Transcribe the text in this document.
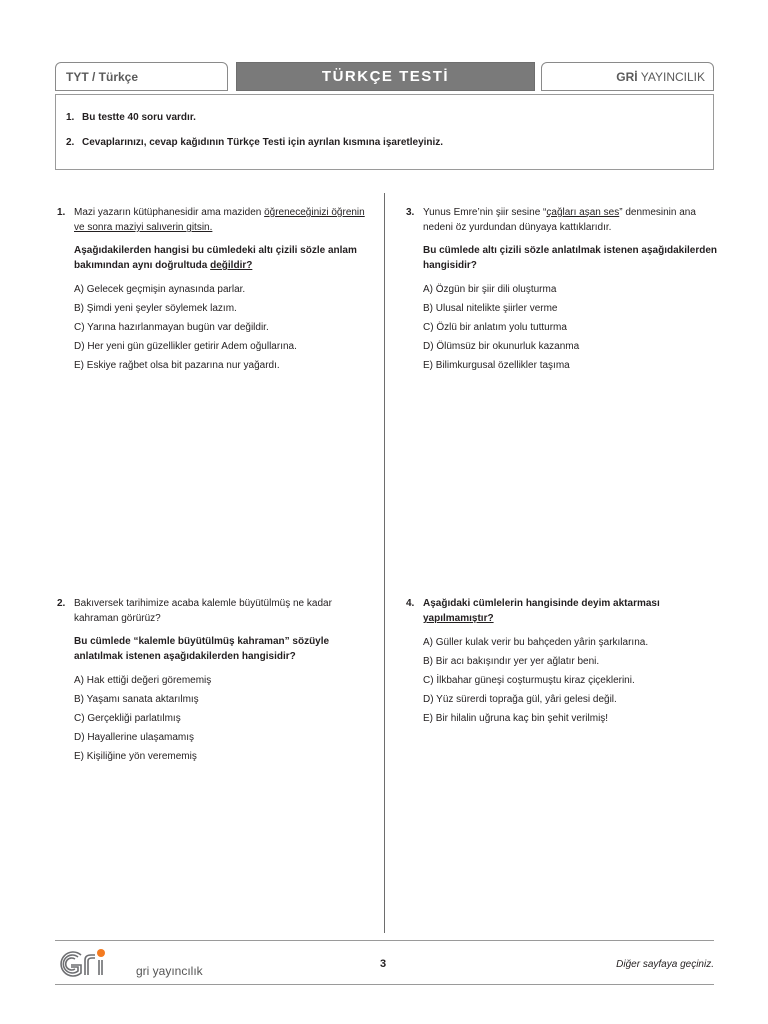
TYT / Türkçe	TÜRKÇE TESTİ	GRİ YAYINCILIK
1. Bu testte 40 soru vardır.
2. Cevaplarınızı, cevap kağıdının Türkçe Testi için ayrılan kısmına işaretleyiniz.
1. Mazi yazarın kütüphanesidir ama maziden öğreneceğinizi öğrenin ve sonra maziyi salıverin gitsin.

Aşağıdakilerden hangisi bu cümledeki altı çizili sözle anlam bakımından aynı doğrultuda değildir?

A) Gelecek geçmişin aynasında parlar.
B) Şimdi yeni şeyler söylemek lazım.
C) Yarına hazırlanmayan bugün var değildir.
D) Her yeni gün güzellikler getirir Adem oğullarına.
E) Eskiye rağbet olsa bit pazarına nur yağardı.
2. Bakıversek tarihimize acaba kalemle büyütülmüş ne kadar kahraman görürüz?

Bu cümlede “kalemle büyütülmüş kahraman” sözüyle anlatılmak istenen aşağıdakilerden hangisidir?

A) Hak ettiği değeri görememiş
B) Yaşamı sanata aktarılmış
C) Gerçekliği parlatılmış
D) Hayallerine ulaşamamış
E) Kişiliğine yön verememiş
3. Yunus Emre’nin şiir sesine “çağları aşan ses” denmesinin ana nedeni öz yurdundan dünyaya kattıklarıdır.

Bu cümlede altı çizili sözle anlatılmak istenen aşağıdakilerden hangisidir?

A) Özgün bir şiir dili oluşturma
B) Ulusal nitelikte şiirler verme
C) Özlü bir anlatım yolu tutturma
D) Ölümsüz bir okunurluk kazanma
E) Bilimkurgusal özellikler taşıma
4. Aşağıdaki cümlelerin hangisinde deyim aktarması yapılmamıştır?

A) Güller kulak verir bu bahçeden yârin şarkılarına.
B) Bir acı bakışındır yer yer ağlatır beni.
C) İlkbahar güneşi coşturmuştu kiraz çiçeklerini.
D) Yüz sürerdi toprağa gül, yâri gelesi değil.
E) Bir hilalin uğruna kaç bin şehit verilmiş!
gri yayıncılık	3	Diğer sayfaya geçiniz.
